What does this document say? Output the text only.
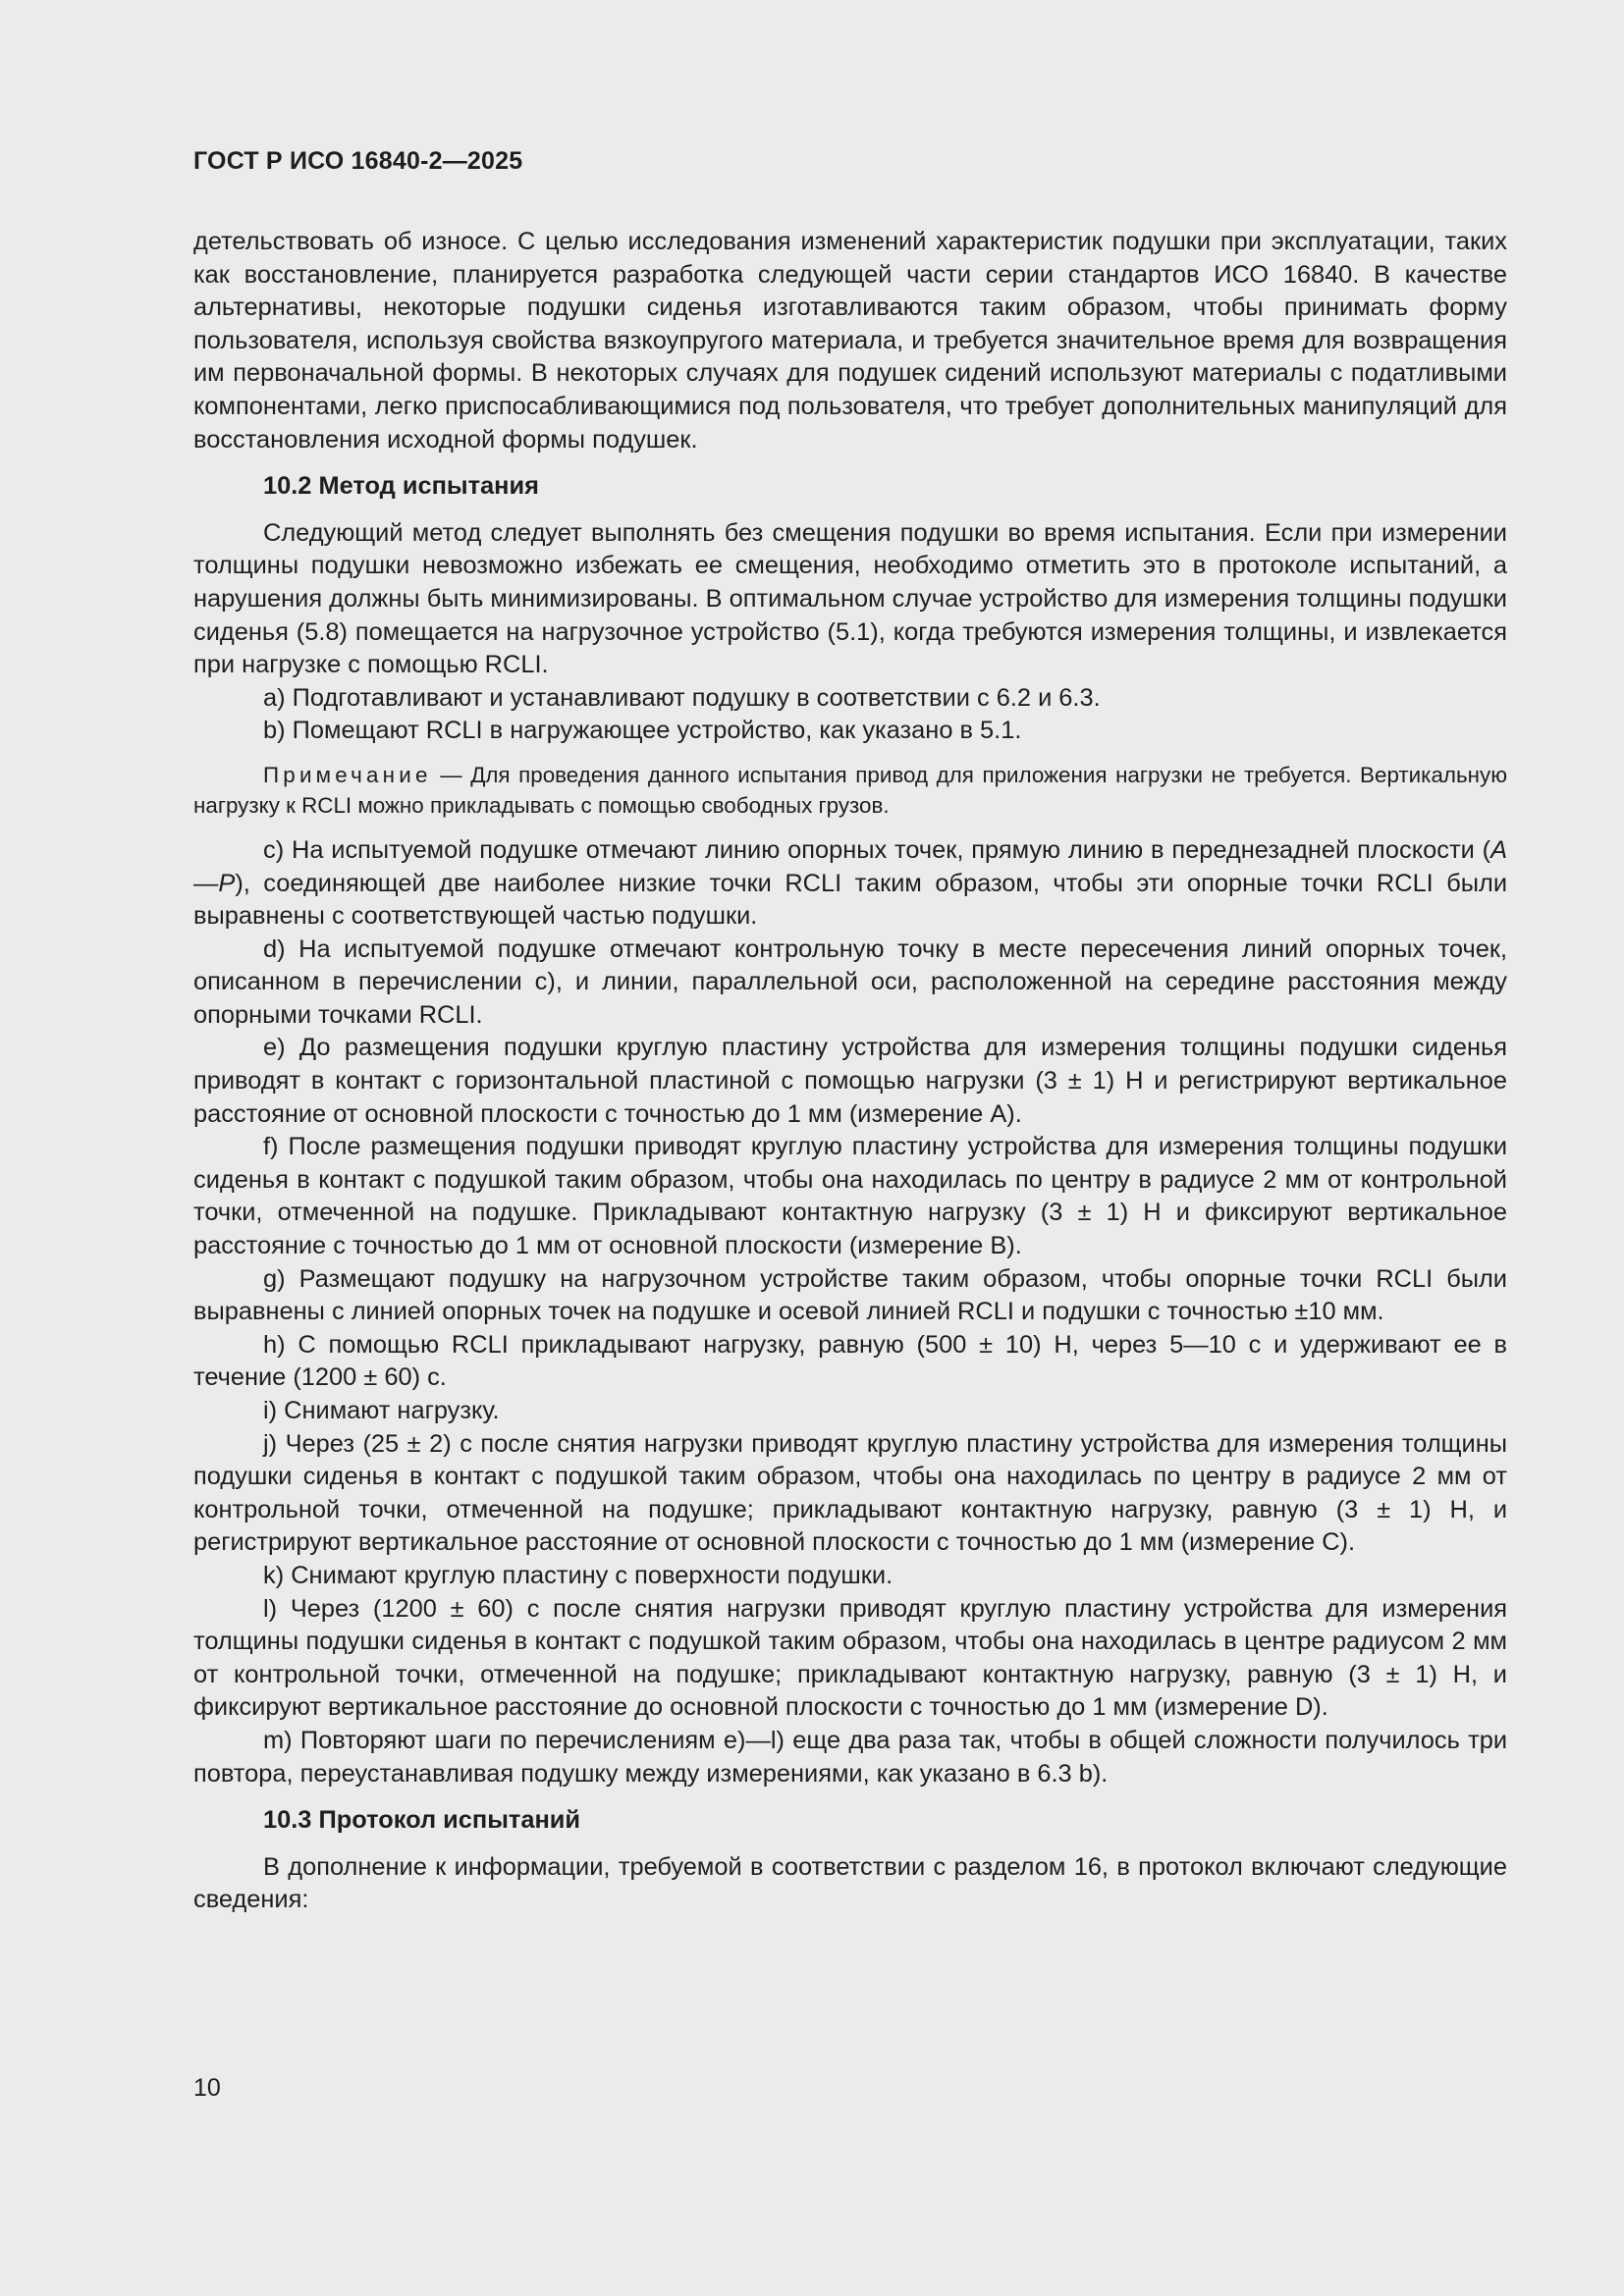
ГОСТ Р ИСО 16840-2—2025

детельствовать об износе. С целью исследования изменений характеристик подушки при эксплуатации, таких как восстановление, планируется разработка следующей части серии стандартов ИСО 16840. В качестве альтернативы, некоторые подушки сиденья изготавливаются таким образом, чтобы принимать форму пользователя, используя свойства вязкоупругого материала, и требуется значительное время для возвращения им первоначальной формы. В некоторых случаях для подушек сидений используют материалы с податливыми компонентами, легко приспосабливающимися под пользователя, что требует дополнительных манипуляций для восстановления исходной формы подушек.

10.2 Метод испытания

Следующий метод следует выполнять без смещения подушки во время испытания. Если при измерении толщины подушки невозможно избежать ее смещения, необходимо отметить это в протоколе испытаний, а нарушения должны быть минимизированы. В оптимальном случае устройство для измерения толщины подушки сиденья (5.8) помещается на нагрузочное устройство (5.1), когда требуются измерения толщины, и извлекается при нагрузке с помощью RCLI.

a) Подготавливают и устанавливают подушку в соответствии с 6.2 и 6.3.

b) Помещают RCLI в нагружающее устройство, как указано в 5.1.

Примечание — Для проведения данного испытания привод для приложения нагрузки не требуется. Вертикальную нагрузку к RCLI можно прикладывать с помощью свободных грузов.

c) На испытуемой подушке отмечают линию опорных точек, прямую линию в переднезадней плоскости (A—P), соединяющей две наиболее низкие точки RCLI таким образом, чтобы эти опорные точки RCLI были выравнены с соответствующей частью подушки.

d) На испытуемой подушке отмечают контрольную точку в месте пересечения линий опорных точек, описанном в перечислении c), и линии, параллельной оси, расположенной на середине расстояния между опорными точками RCLI.

e) До размещения подушки круглую пластину устройства для измерения толщины подушки сиденья приводят в контакт с горизонтальной пластиной с помощью нагрузки (3 ± 1) Н и регистрируют вертикальное расстояние от основной плоскости с точностью до 1 мм (измерение A).

f) После размещения подушки приводят круглую пластину устройства для измерения толщины подушки сиденья в контакт с подушкой таким образом, чтобы она находилась по центру в радиусе 2 мм от контрольной точки, отмеченной на подушке. Прикладывают контактную нагрузку (3 ± 1) Н и фиксируют вертикальное расстояние с точностью до 1 мм от основной плоскости (измерение B).

g) Размещают подушку на нагрузочном устройстве таким образом, чтобы опорные точки RCLI были выравнены с линией опорных точек на подушке и осевой линией RCLI и подушки с точностью ±10 мм.

h) С помощью RCLI прикладывают нагрузку, равную (500 ± 10) Н, через 5—10 с и удерживают ее в течение (1200 ± 60) с.

i) Снимают нагрузку.

j) Через (25 ± 2) с после снятия нагрузки приводят круглую пластину устройства для измерения толщины подушки сиденья в контакт с подушкой таким образом, чтобы она находилась по центру в радиусе 2 мм от контрольной точки, отмеченной на подушке; прикладывают контактную нагрузку, равную (3 ± 1) Н, и регистрируют вертикальное расстояние от основной плоскости с точностью до 1 мм (измерение C).

k) Снимают круглую пластину с поверхности подушки.

l) Через (1200 ± 60) с после снятия нагрузки приводят круглую пластину устройства для измерения толщины подушки сиденья в контакт с подушкой таким образом, чтобы она находилась в центре радиусом 2 мм от контрольной точки, отмеченной на подушке; прикладывают контактную нагрузку, равную (3 ± 1) Н, и фиксируют вертикальное расстояние до основной плоскости с точностью до 1 мм (измерение D).

m) Повторяют шаги по перечислениям e)—l) еще два раза так, чтобы в общей сложности получилось три повтора, переустанавливая подушку между измерениями, как указано в 6.3 b).

10.3 Протокол испытаний

В дополнение к информации, требуемой в соответствии с разделом 16, в протокол включают следующие сведения:

10
